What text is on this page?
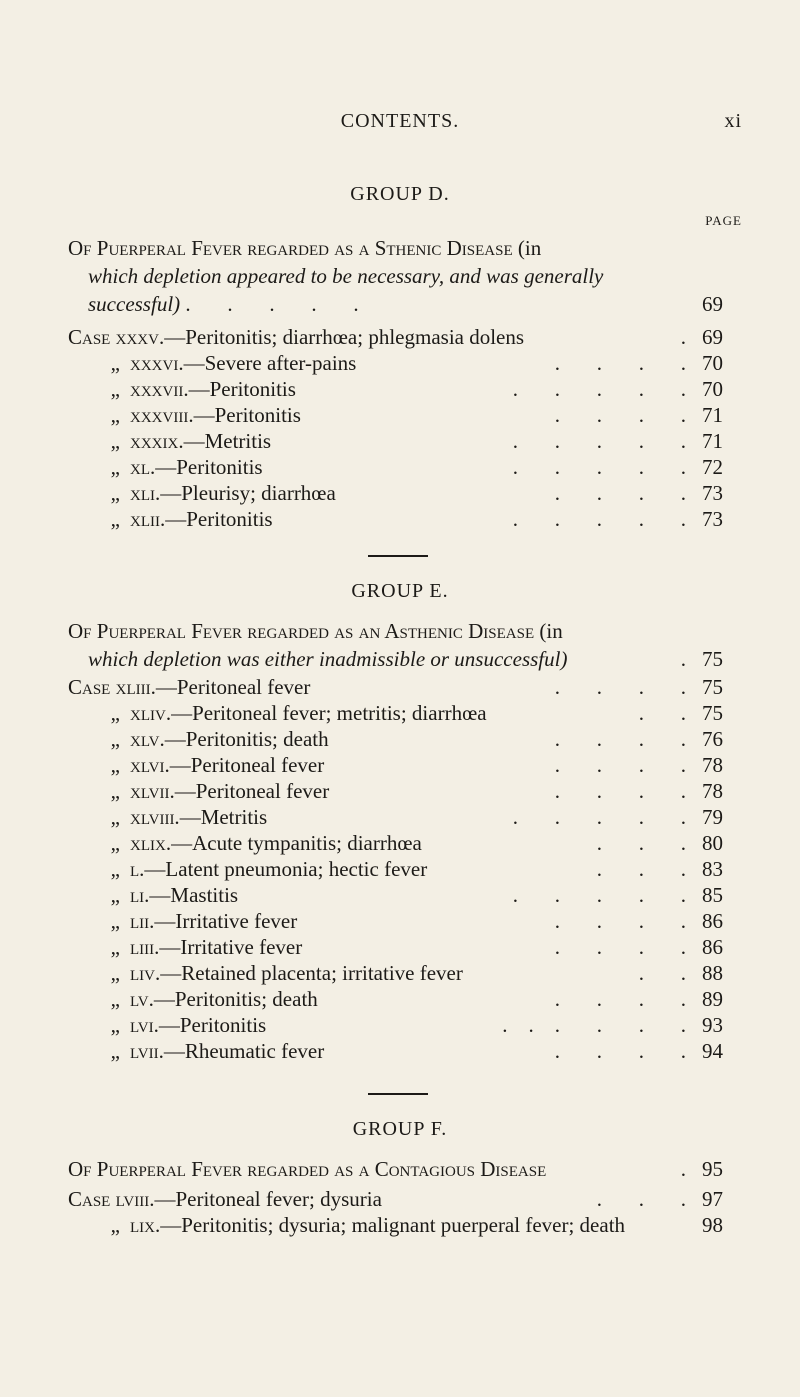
CONTENTS.	xi
GROUP D.
PAGE
Of Puerperal Fever regarded as a Sthenic Disease (in
which depletion appeared to be necessary, and was generally
successful) .       .       .       .       .	69
Case xxxv.—Peritonitis; diarrhœa; phlegmasia dolens	. 69
„ xxxvi.—Severe after-pains	.       .       .       . 70
„ xxxvii.—Peritonitis	.       .       .       .       . 70
„ xxxviii.—Peritonitis	.       .       .       . 71
„ xxxix.—Metritis	.       .       .       .       . 71
„ xl.—Peritonitis	.       .       .       .       . 72
„ xli.—Pleurisy; diarrhœa	.       .       .       . 73
„ xlii.—Peritonitis	.       .       .       .       . 73
GROUP E.
Of Puerperal Fever regarded as an Asthenic Disease (in
which depletion was either inadmissible or unsuccessful)	. 75
Case xliii.—Peritoneal fever	.       .       .       . 75
„ xliv.—Peritoneal fever; metritis; diarrhœa	.       . 75
„ xlv.—Peritonitis; death	.       .       .       . 76
„ xlvi.—Peritoneal fever	.       .       .       . 78
„ xlvii.—Peritoneal fever	.       .       .       . 78
„ xlviii.—Metritis	.       .       .       .       . 79
„ xlix.—Acute tympanitis; diarrhœa	.       .       . 80
„ l.—Latent pneumonia; hectic fever	.       .       . 83
„ li.—Mastitis	.       .       .       .       . 85
„ lii.—Irritative fever	.       .       .       . 86
„ liii.—Irritative fever	.       .       .       . 86
„ liv.—Retained placenta; irritative fever	.       . 88
„ lv.—Peritonitis; death	.       .       .       . 89
„ lvi.—Peritonitis	.    .    .       .       .       . 93
„ lvii.—Rheumatic fever	.       .       .       . 94
GROUP F.
Of Puerperal Fever regarded as a Contagious Disease	. 95
Case lviii.—Peritoneal fever; dysuria	.       .       . 97
„ lix.—Peritonitis; dysuria; malignant puerperal fever; death	98
